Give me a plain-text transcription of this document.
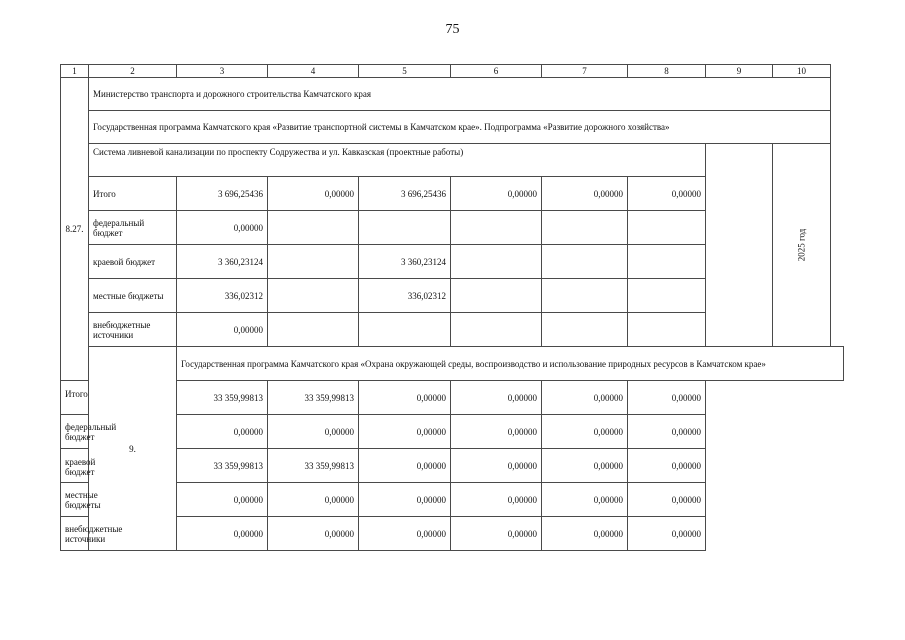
75
1	2	3	4	5	6	7	8	9	10
8.27.	Министерство транспорта и дорожного строительства Камчатского края								
	Государственная программа Камчатского края «Развитие транспортной системы в Камчатском крае». Подпрограмма «Развитие дорожного хозяйства»								
	Система ливневой канализации по проспекту Содружества и ул. Кавказская (проектные работы)								2025 год
	Итого	3 696,25436	0,00000	3 696,25436	0,00000	0,00000	0,00000		
	федеральный бюджет	0,00000							
	краевой бюджет	3 360,23124		3 360,23124					
	местные бюджеты	336,02312		336,02312					
	внебюджетные источники	0,00000							
	9.	Государственная программа Камчатского края «Охрана окружающей среды, воспроизводство и использование природных ресурсов в Камчатском крае»							
Итого		33 359,99813	33 359,99813	0,00000	0,00000	0,00000	0,00000		
федеральный бюджет		0,00000	0,00000	0,00000	0,00000	0,00000	0,00000		
краевой бюджет		33 359,99813	33 359,99813	0,00000	0,00000	0,00000	0,00000		
местные бюджеты		0,00000	0,00000	0,00000	0,00000	0,00000	0,00000		
внебюджетные источники		0,00000	0,00000	0,00000	0,00000	0,00000	0,00000		
